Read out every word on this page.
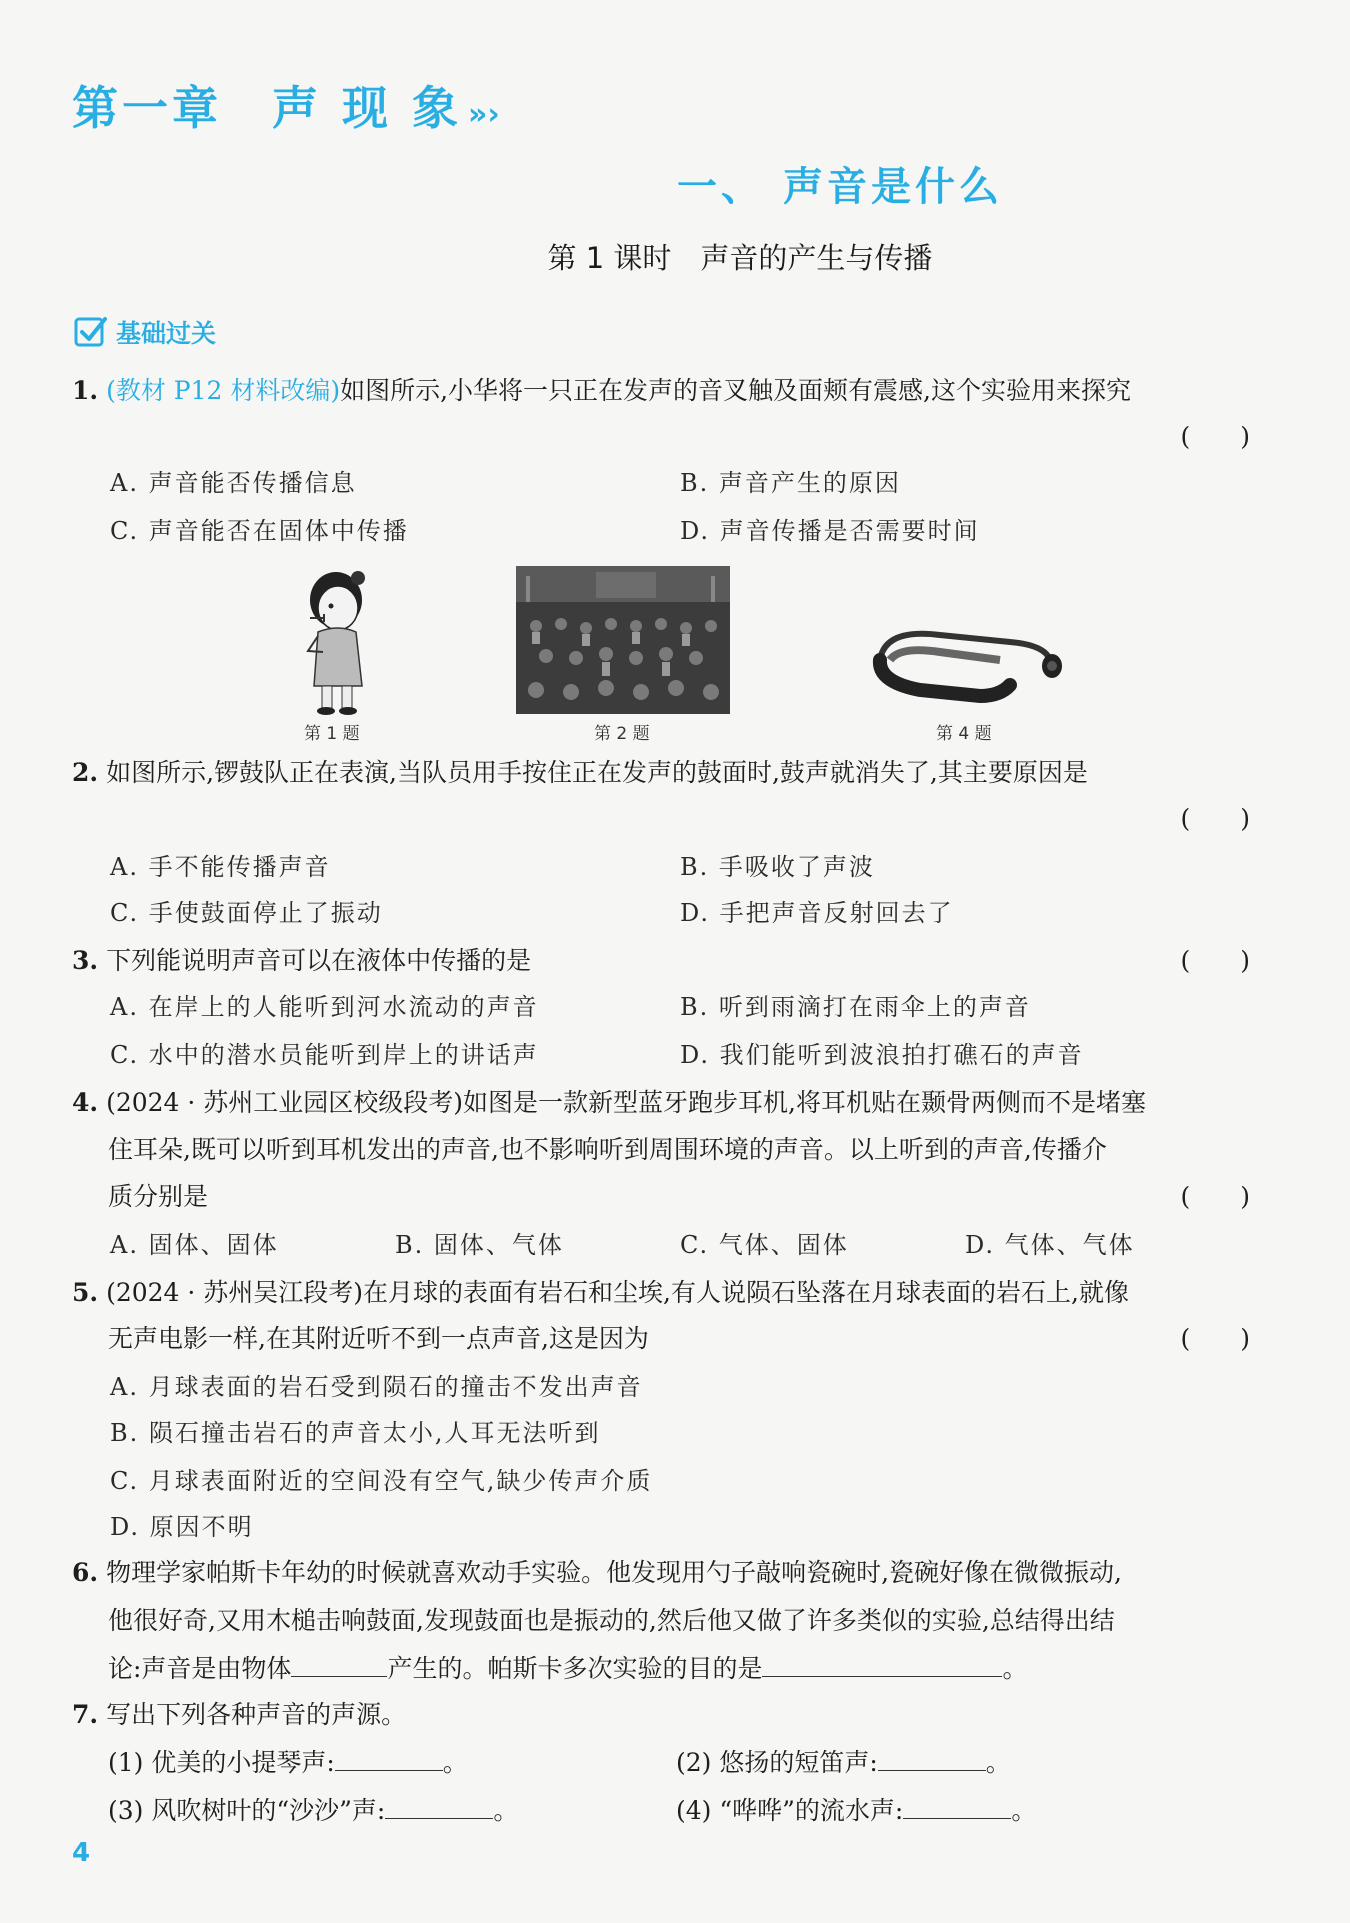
第一章　声 现 象 » ›
一、 声音是什么
第 1 课时　声音的产生与传播
基础过关
1. (教材 P12 材料改编)如图所示,小华将一只正在发声的音叉触及面颊有震感,这个实验用来探究
(　　)
A. 声音能否传播信息	B. 声音产生的原因
C. 声音能否在固体中传播	D. 声音传播是否需要时间
第 1 题	第 2 题	第 4 题
2. 如图所示,锣鼓队正在表演,当队员用手按住正在发声的鼓面时,鼓声就消失了,其主要原因是
(　　)
A. 手不能传播声音	B. 手吸收了声波
C. 手使鼓面停止了振动	D. 手把声音反射回去了
3. 下列能说明声音可以在液体中传播的是	(　　)
A. 在岸上的人能听到河水流动的声音	B. 听到雨滴打在雨伞上的声音
C. 水中的潜水员能听到岸上的讲话声	D. 我们能听到波浪拍打礁石的声音
4. (2024 · 苏州工业园区校级段考)如图是一款新型蓝牙跑步耳机,将耳机贴在颞骨两侧而不是堵塞
住耳朵,既可以听到耳机发出的声音,也不影响听到周围环境的声音。以上听到的声音,传播介
质分别是	(　　)
A. 固体、固体	B. 固体、气体	C. 气体、固体	D. 气体、气体
5. (2024 · 苏州吴江段考)在月球的表面有岩石和尘埃,有人说陨石坠落在月球表面的岩石上,就像
无声电影一样,在其附近听不到一点声音,这是因为	(　　)
A. 月球表面的岩石受到陨石的撞击不发出声音
B. 陨石撞击岩石的声音太小,人耳无法听到
C. 月球表面附近的空间没有空气,缺少传声介质
D. 原因不明
6. 物理学家帕斯卡年幼的时候就喜欢动手实验。他发现用勺子敲响瓷碗时,瓷碗好像在微微振动,
他很好奇,又用木槌击响鼓面,发现鼓面也是振动的,然后他又做了许多类似的实验,总结得出结
论:声音是由物体	产生的。帕斯卡多次实验的目的是	。
7. 写出下列各种声音的声源。
(1) 优美的小提琴声:	。	(2) 悠扬的短笛声:	。
(3) 风吹树叶的“沙沙”声:	。	(4) “哗哗”的流水声:	。
4
